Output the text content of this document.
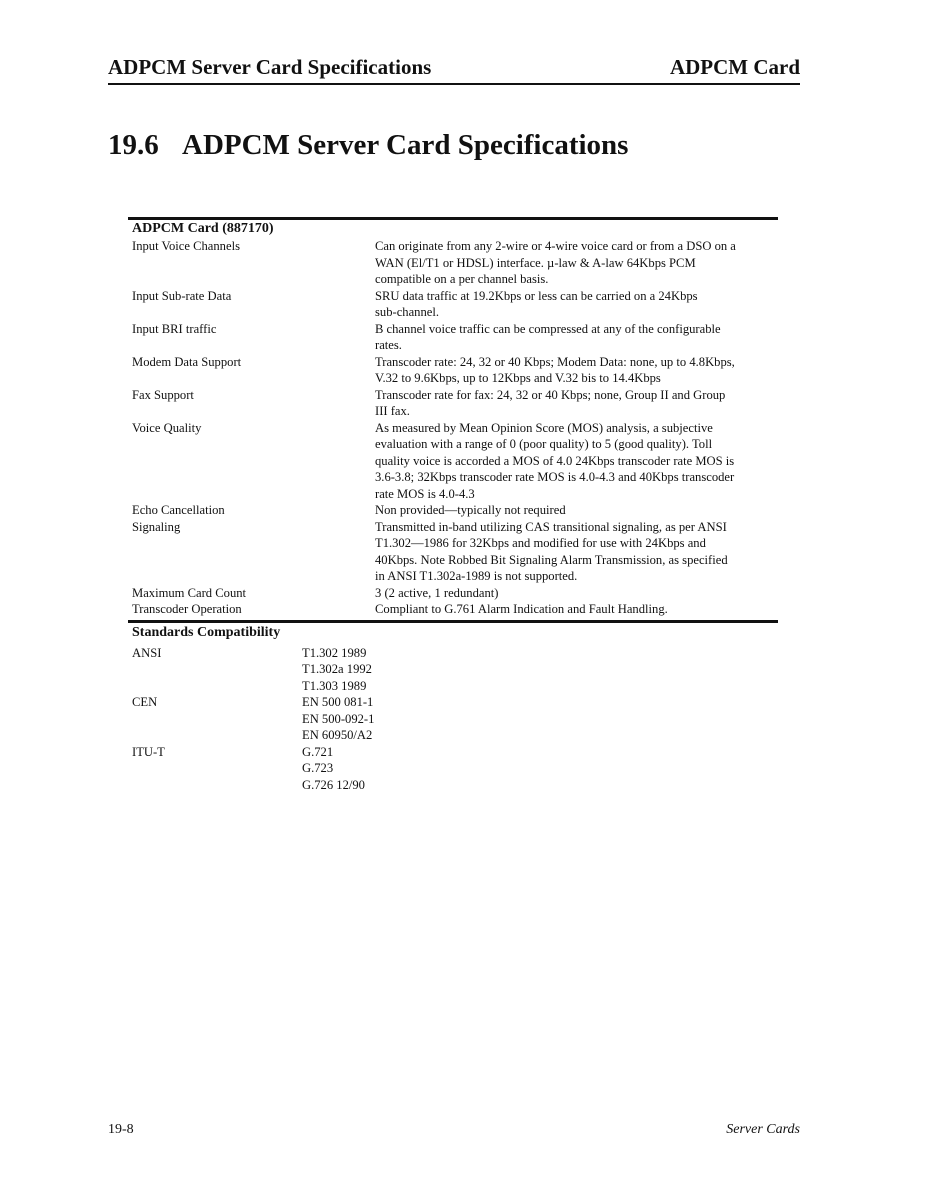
ADPCM Server Card Specifications	ADPCM Card
19.6 ADPCM Server Card Specifications
ADPCM Card (887170)
Input Voice Channels	Can originate from any 2-wire or 4-wire voice card or from a DSO on a
WAN (El/T1 or HDSL) interface. µ-law & A-law 64Kbps PCM
compatible on a per channel basis.
Input Sub-rate Data	SRU data traffic at 19.2Kbps or less can be carried on a 24Kbps
sub-channel.
Input BRI traffic	B channel voice traffic can be compressed at any of the configurable
rates.
Modem Data Support	Transcoder rate: 24, 32 or 40 Kbps; Modem Data: none, up to 4.8Kbps,
V.32 to 9.6Kbps, up to 12Kbps and V.32 bis to 14.4Kbps
Fax Support	Transcoder rate for fax: 24, 32 or 40 Kbps; none, Group II and Group
III fax.
Voice Quality	As measured by Mean Opinion Score (MOS) analysis, a subjective
evaluation with a range of 0 (poor quality) to 5 (good quality). Toll
quality voice is accorded a MOS of 4.0 24Kbps transcoder rate MOS is
3.6-3.8; 32Kbps transcoder rate MOS is 4.0-4.3 and 40Kbps transcoder
rate MOS is 4.0-4.3
Echo Cancellation	Non provided—typically not required
Signaling	Transmitted in-band utilizing CAS transitional signaling, as per ANSI
T1.302—1986 for 32Kbps and modified for use with 24Kbps and
40Kbps. Note Robbed Bit Signaling Alarm Transmission, as specified
in ANSI T1.302a-1989 is not supported.
Maximum Card Count	3 (2 active, 1 redundant)
Transcoder Operation	Compliant to G.761 Alarm Indication and Fault Handling.
Standards Compatibility
ANSI	T1.302 1989
T1.302a 1992
T1.303 1989
CEN	EN 500 081-1
EN 500-092-1
EN 60950/A2
ITU-T	G.721
G.723
G.726 12/90
19-8	Server Cards
